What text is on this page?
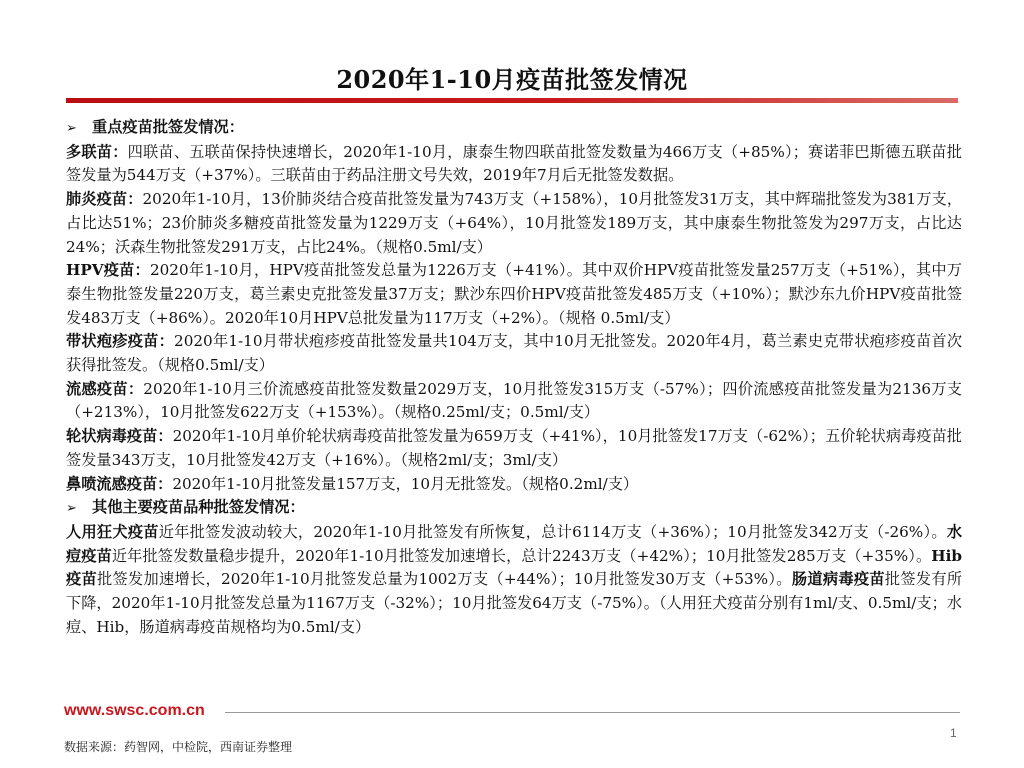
2020年1-10月疫苗批签发情况

➢ 重点疫苗批签发情况：

多联苗：四联苗、五联苗保持快速增长，2020年1-10月，康泰生物四联苗批签发数量为466万支（+85%）；赛诺菲巴斯德五联苗批签发量为544万支（+37%）。三联苗由于药品注册文号失效，2019年7月后无批签发数据。

肺炎疫苗：2020年1-10月，13价肺炎结合疫苗批签发量为743万支（+158%），10月批签发31万支，其中辉瑞批签发为381万支，占比达51%；23价肺炎多糖疫苗批签发量为1229万支（+64%），10月批签发189万支，其中康泰生物批签发为297万支，占比达24%；沃森生物批签发291万支，占比24%。（规格0.5ml/支）

HPV疫苗：2020年1-10月，HPV疫苗批签发总量为1226万支（+41%）。其中双价HPV疫苗批签发量257万支（+51%），其中万泰生物批签发量220万支，葛兰素史克批签发量37万支；默沙东四价HPV疫苗批签发485万支（+10%）；默沙东九价HPV疫苗批签发483万支（+86%）。2020年10月HPV总批发量为117万支（+2%）。（规格 0.5ml/支）

带状疱疹疫苗：2020年1-10月带状疱疹疫苗批签发量共104万支，其中10月无批签发。2020年4月，葛兰素史克带状疱疹疫苗首次获得批签发。（规格0.5ml/支）

流感疫苗：2020年1-10月三价流感疫苗批签发数量2029万支，10月批签发315万支（-57%）；四价流感疫苗批签发量为2136万支（+213%），10月批签发622万支（+153%）。（规格0.25ml/支；0.5ml/支）

轮状病毒疫苗：2020年1-10月单价轮状病毒疫苗批签发量为659万支（+41%），10月批签发17万支（-62%）；五价轮状病毒疫苗批签发量343万支，10月批签发42万支（+16%）。（规格2ml/支；3ml/支）

鼻喷流感疫苗：2020年1-10月批签发量157万支，10月无批签发。（规格0.2ml/支）

➢ 其他主要疫苗品种批签发情况：

人用狂犬疫苗近年批签发波动较大，2020年1-10月批签发有所恢复，总计6114万支（+36%）；10月批签发342万支（-26%）。水痘疫苗近年批签发数量稳步提升，2020年1-10月批签发加速增长，总计2243万支（+42%）；10月批签发285万支（+35%）。Hib疫苗批签发加速增长，2020年1-10月批签发总量为1002万支（+44%）；10月批签发30万支（+53%）。肠道病毒疫苗批签发有所下降，2020年1-10月批签发总量为1167万支（-32%）；10月批签发64万支（-75%）。（人用狂犬疫苗分别有1ml/支、0.5ml/支；水痘、Hib，肠道病毒疫苗规格均为0.5ml/支）

www.swsc.com.cn
1
数据来源：药智网，中检院，西南证券整理
